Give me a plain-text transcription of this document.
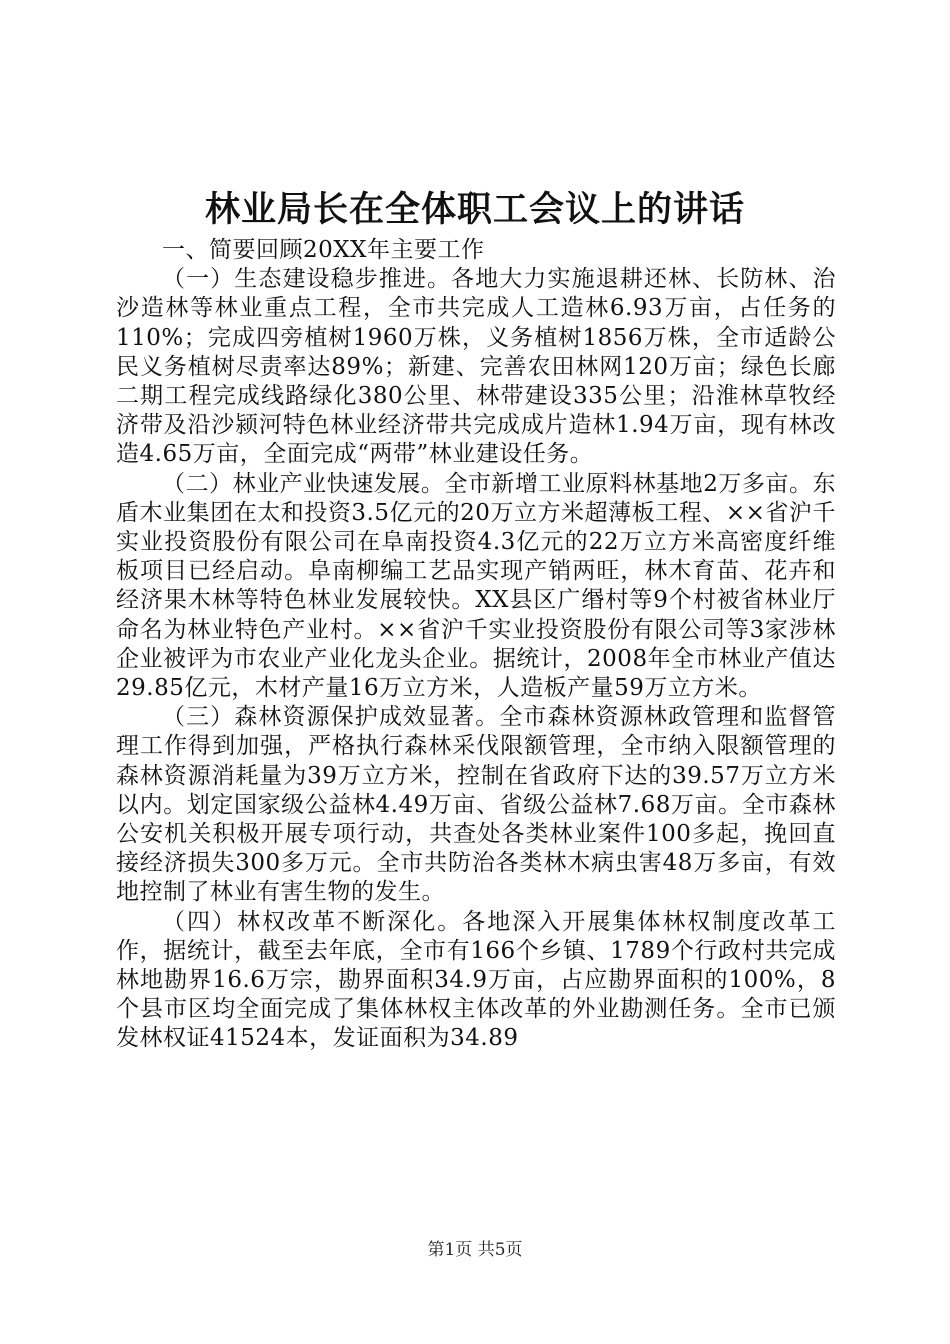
林业局长在全体职工会议上的讲话

一、简要回顾20XX年主要工作

（一）生态建设稳步推进。各地大力实施退耕还林、长防林、治沙造林等林业重点工程，全市共完成人工造林6.93万亩，占任务的110%；完成四旁植树1960万株，义务植树1856万株，全市适龄公民义务植树尽责率达89%；新建、完善农田林网120万亩；绿色长廊二期工程完成线路绿化380公里、林带建设335公里；沿淮林草牧经济带及沿沙颍河特色林业经济带共完成成片造林1.94万亩，现有林改造4.65万亩，全面完成“两带”林业建设任务。

（二）林业产业快速发展。全市新增工业原料林基地2万多亩。东盾木业集团在太和投资3.5亿元的20万立方米超薄板工程、××省沪千实业投资股份有限公司在阜南投资4.3亿元的22万立方米高密度纤维板项目已经启动。阜南柳编工艺品实现产销两旺，林木育苗、花卉和经济果木林等特色林业发展较快。XX县区广缗村等9个村被省林业厅命名为林业特色产业村。××省沪千实业投资股份有限公司等3家涉林企业被评为市农业产业化龙头企业。据统计，2008年全市林业产值达29.85亿元，木材产量16万立方米，人造板产量59万立方米。

（三）森林资源保护成效显著。全市森林资源林政管理和监督管理工作得到加强，严格执行森林采伐限额管理，全市纳入限额管理的森林资源消耗量为39万立方米，控制在省政府下达的39.57万立方米以内。划定国家级公益林4.49万亩、省级公益林7.68万亩。全市森林公安机关积极开展专项行动，共查处各类林业案件100多起，挽回直接经济损失300多万元。全市共防治各类林木病虫害48万多亩，有效地控制了林业有害生物的发生。

（四）林权改革不断深化。各地深入开展集体林权制度改革工作，据统计，截至去年底，全市有166个乡镇、1789个行政村共完成林地勘界16.6万宗，勘界面积34.9万亩，占应勘界面积的100%，8个县市区均全面完成了集体林权主体改革的外业勘测任务。全市已颁发林权证41524本，发证面积为34.89

第1页 共5页
